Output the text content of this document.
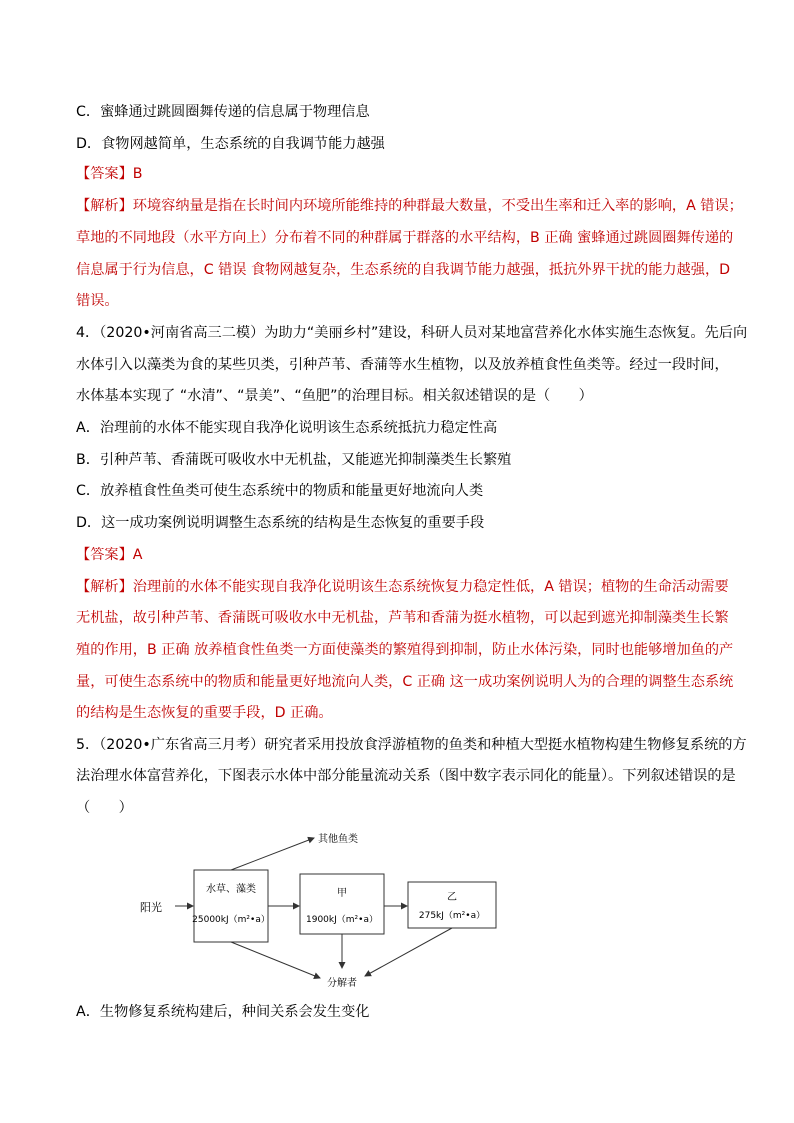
C．蜜蜂通过跳圆圈舞传递的信息属于物理信息
D．食物网越简单，生态系统的自我调节能力越强
【答案】B
【解析】环境容纳量是指在长时间内环境所能维持的种群最大数量，不受出生率和迁入率的影响，A 错误；
草地的不同地段（水平方向上）分布着不同的种群属于群落的水平结构，B 正确 蜜蜂通过跳圆圈舞传递的
信息属于行为信息，C 错误 食物网越复杂，生态系统的自我调节能力越强，抵抗外界干扰的能力越强，D
错误。
4．（2020•河南省高三二模）为助力“美丽乡村”建设，科研人员对某地富营养化水体实施生态恢复。先后向
水体引入以藻类为食的某些贝类，引种芦苇、香蒲等水生植物，以及放养植食性鱼类等。经过一段时间，
水体基本实现了 “水清”、“景美”、“鱼肥”的治理目标。相关叙述错误的是（　　）
A．治理前的水体不能实现自我净化说明该生态系统抵抗力稳定性高
B．引种芦苇、香蒲既可吸收水中无机盐，又能遮光抑制藻类生长繁殖
C．放养植食性鱼类可使生态系统中的物质和能量更好地流向人类
D．这一成功案例说明调整生态系统的结构是生态恢复的重要手段
【答案】A
【解析】治理前的水体不能实现自我净化说明该生态系统恢复力稳定性低，A 错误；植物的生命活动需要
无机盐，故引种芦苇、香蒲既可吸收水中无机盐，芦苇和香蒲为挺水植物，可以起到遮光抑制藻类生长繁
殖的作用，B 正确 放养植食性鱼类一方面使藻类的繁殖得到抑制，防止水体污染，同时也能够增加鱼的产
量，可使生态系统中的物质和能量更好地流向人类，C 正确 这一成功案例说明人为的合理的调整生态系统
的结构是生态恢复的重要手段，D 正确。
5．（2020•广东省高三月考）研究者采用投放食浮游植物的鱼类和种植大型挺水植物构建生物修复系统的方
法治理水体富营养化，下图表示水体中部分能量流动关系（图中数字表示同化的能量）。下列叙述错误的是
（　　）
阳光
其他鱼类
水草、藻类
25000kJ（m²•a）
甲
1900kJ（m²•a）
乙
275kJ（m²•a）
分解者
A．生物修复系统构建后，种间关系会发生变化
